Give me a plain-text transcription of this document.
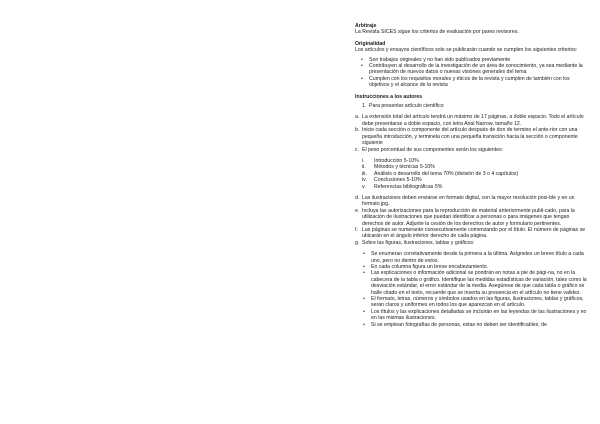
Arbitraje

La Revista SICES sigue los criterios de evaluación por pares revisores.

Originalidad

Los artículos y ensayos científicos solo se publicarán cuando se cumplen los siguientes criterios:

• Son trabajos originales y no han sido publicados previamente
• Contribuyen al desarrollo de la investigación de un área de conocimiento, ya sea mediante la presentación de nuevos datos o nuevas visiones generales del tema
• Cumplen con los requisitos morales y éticos de la revista y cumplen de también con los objetivos y el alcance de la revista

Instrucciones a los autores

1. Para presentar artículo científico
a. La extensión total del artículo tendrá un máximo de 17 páginas, a doble espacio. Todo el artículo debe presentarse a doble espacio, con letra Arial Narrow, tamaño 12.
b. Inicie cada sección o componente del artículo después de don de termino el ante-rior con una pequeña introducción, y terminela con una pequeña transición hacia la sección o componente siguiente
c. El peso porcentual de sus componentes serán los siguientes:
i.	Introducción 5-10%
ii.	Métodos y técnicas 5-10%
iii.	Análisis o desarrollo del tema 70% (división de 3 o 4 capítulos)
iv.	Conclusiones 5-10%
v.	Referencias bibliográficas 5%
d. Las ilustraciones deben enviarse en formato digital, con la mayor resolución posi-ble y en un formato jpg.
e. Incluya las autorizaciones para la reproducción de material anteriormente publi-cado, para la utilización de ilustraciones que puedan identificar a personas o para imágenes que tengan derechos de autor. Adjunte la cesión de los derechos de autor y formulario pertinentes.
f. Las páginas se numerarán consecutivamente comenzando por el título. El número de páginas se ubicarán en el ángulo inferior derecho de cada página.
g. Sobre las figuras, ilustraciones, tablas y gráficos:
• Se enumeran correlativamente desde la primera a la última. Asígneles un breve título a cada uno, pero no dentro de estos.
• En cada columna figura un breve encabezamiento.
• Las explicaciones o información adicional se pondrán en notas a pie de pági-na, no en la cabecera de la tabla o gráfico. Identifique las medidas estadísticas de variación, tales como la desviación estándar, el error estándar de la media. Asegúrese de que cada tabla o gráfico se halle citado en el texto, recuerde que se inserta su presencia en el artículo no tiene validez.
• El formato, letras, números y símbolos usados en las figuras, ilustraciones, tablas y gráficos, serán claros y uniformes en todos los que aparezcan en el artículo.
• Los títulos y las explicaciones detalladas se incluirán en las leyendas de las ilustraciones y no en las mismas ilustraciones.
• Si se emplean fotografías de personas, estas no deben ser identificables; de
